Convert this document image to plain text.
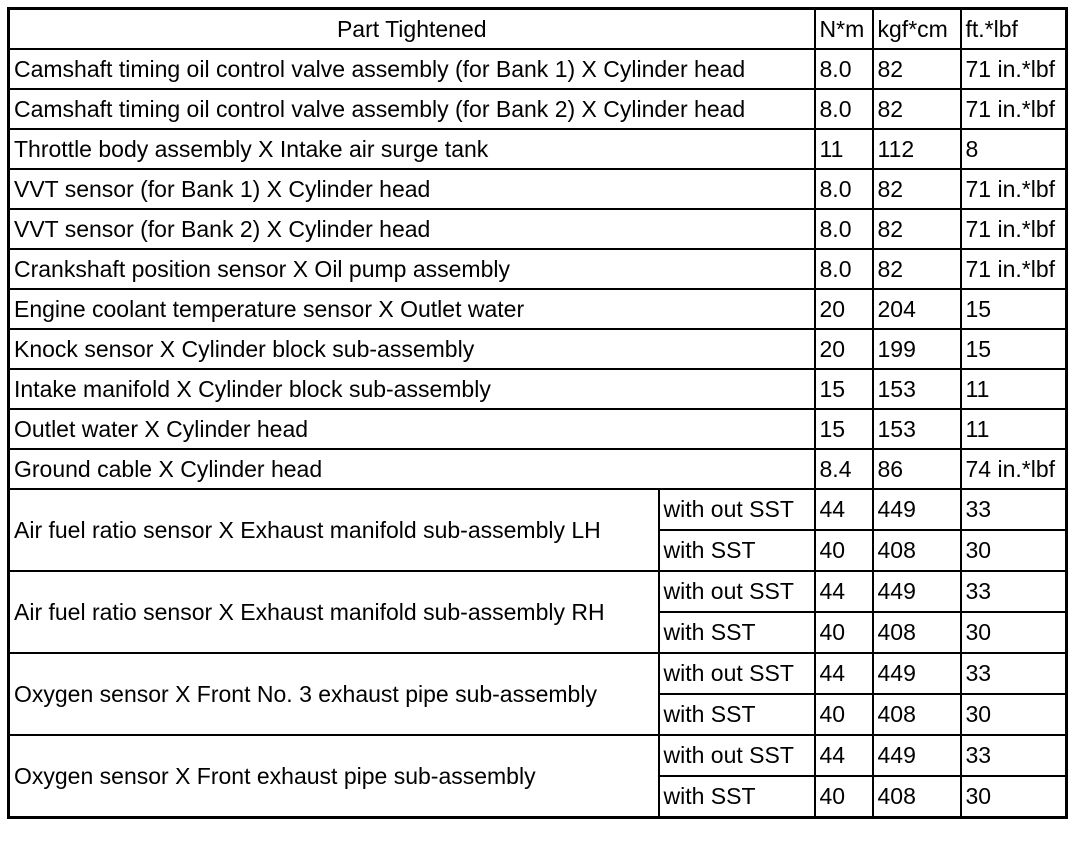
Part Tightened		N*m	kgf*cm	ft.*lbf
Camshaft timing oil control valve assembly (for Bank 1) X Cylinder head		8.0	82	71 in.*lbf
Camshaft timing oil control valve assembly (for Bank 2) X Cylinder head		8.0	82	71 in.*lbf
Throttle body assembly X Intake air surge tank		11	112	8
VVT sensor (for Bank 1) X Cylinder head		8.0	82	71 in.*lbf
VVT sensor (for Bank 2) X Cylinder head		8.0	82	71 in.*lbf
Crankshaft position sensor X Oil pump assembly		8.0	82	71 in.*lbf
Engine coolant temperature sensor X Outlet water		20	204	15
Knock sensor X Cylinder block sub-assembly		20	199	15
Intake manifold X Cylinder block sub-assembly		15	153	11
Outlet water X Cylinder head		15	153	11
Ground cable X Cylinder head		8.4	86	74 in.*lbf
Air fuel ratio sensor X Exhaust manifold sub-assembly LH	with out SST	44	449	33
	with SST	40	408	30
Air fuel ratio sensor X Exhaust manifold sub-assembly RH	with out SST	44	449	33
	with SST	40	408	30
Oxygen sensor X Front No. 3 exhaust pipe sub-assembly	with out SST	44	449	33
	with SST	40	408	30
Oxygen sensor X Front exhaust pipe sub-assembly	with out SST	44	449	33
	with SST	40	408	30
